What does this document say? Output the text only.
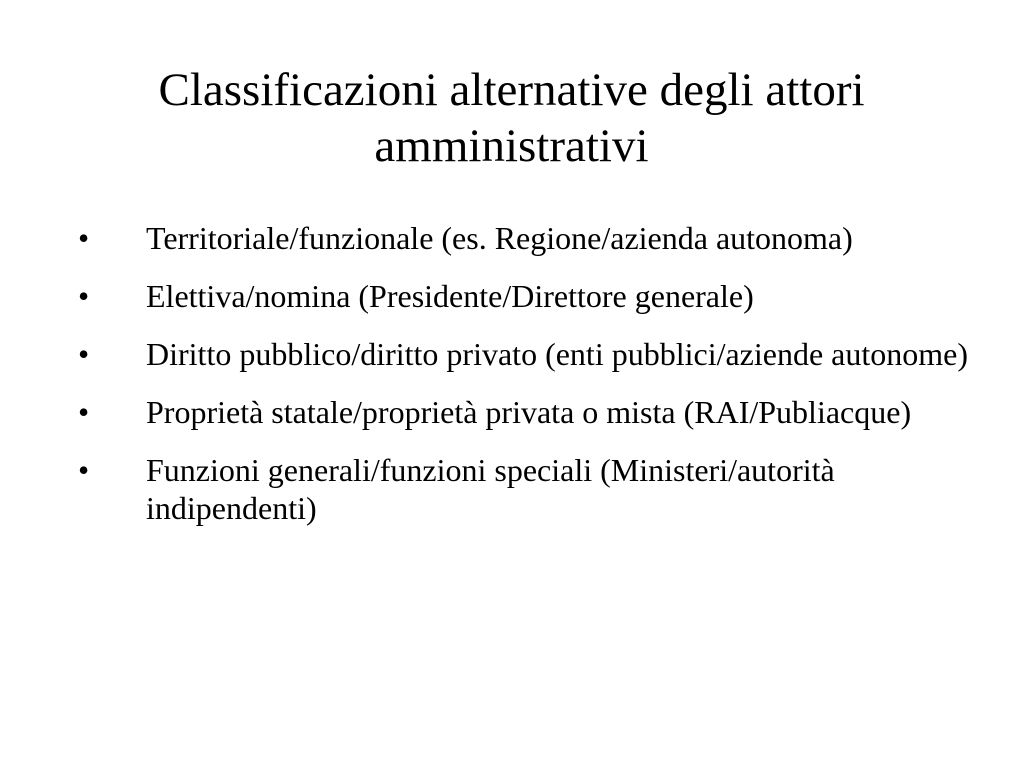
Classificazioni alternative degli attori amministrativi
•	Territoriale/funzionale (es. Regione/azienda autonoma)
•	Elettiva/nomina (Presidente/Direttore generale)
•	Diritto pubblico/diritto privato (enti pubblici/aziende autonome)
•	Proprietà statale/proprietà privata o mista (RAI/Publiacque)
•	Funzioni generali/funzioni speciali (Ministeri/autorità indipendenti)
